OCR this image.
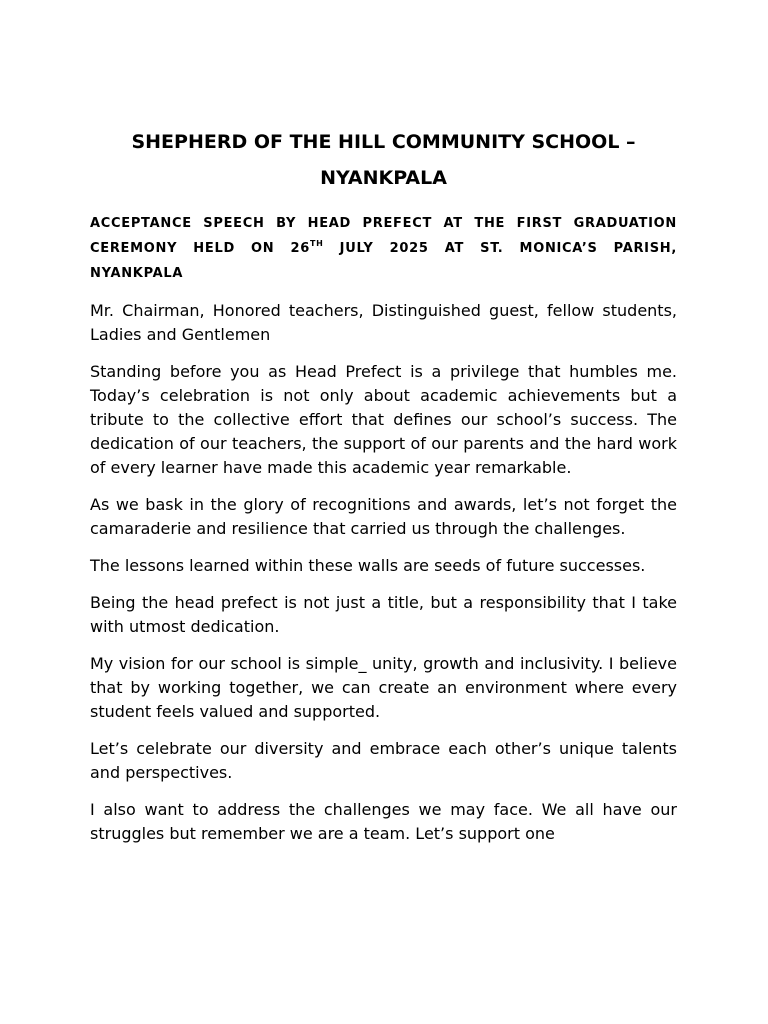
SHEPHERD OF THE HILL COMMUNITY SCHOOL –
NYANKPALA

ACCEPTANCE SPEECH BY HEAD PREFECT AT THE FIRST GRADUATION CEREMONY HELD ON 26TH JULY 2025 AT ST. MONICA’S PARISH, NYANKPALA

Mr. Chairman, Honored teachers, Distinguished guest, fellow students, Ladies and Gentlemen

Standing before you as Head Prefect is a privilege that humbles me. Today’s celebration is not only about academic achievements but a tribute to the collective effort that defines our school’s success. The dedication of our teachers, the support of our parents and the hard work of every learner have made this academic year remarkable.

As we bask in the glory of recognitions and awards, let’s not forget the camaraderie and resilience that carried us through the challenges.

The lessons learned within these walls are seeds of future successes.

Being the head prefect is not just a title, but a responsibility that I take with utmost dedication.

My vision for our school is simple_ unity, growth and inclusivity. I believe that by working together, we can create an environment where every student feels valued and supported.

Let’s celebrate our diversity and embrace each other’s unique talents and perspectives.

I also want to address the challenges we may face. We all have our struggles but remember we are a team. Let’s support one
